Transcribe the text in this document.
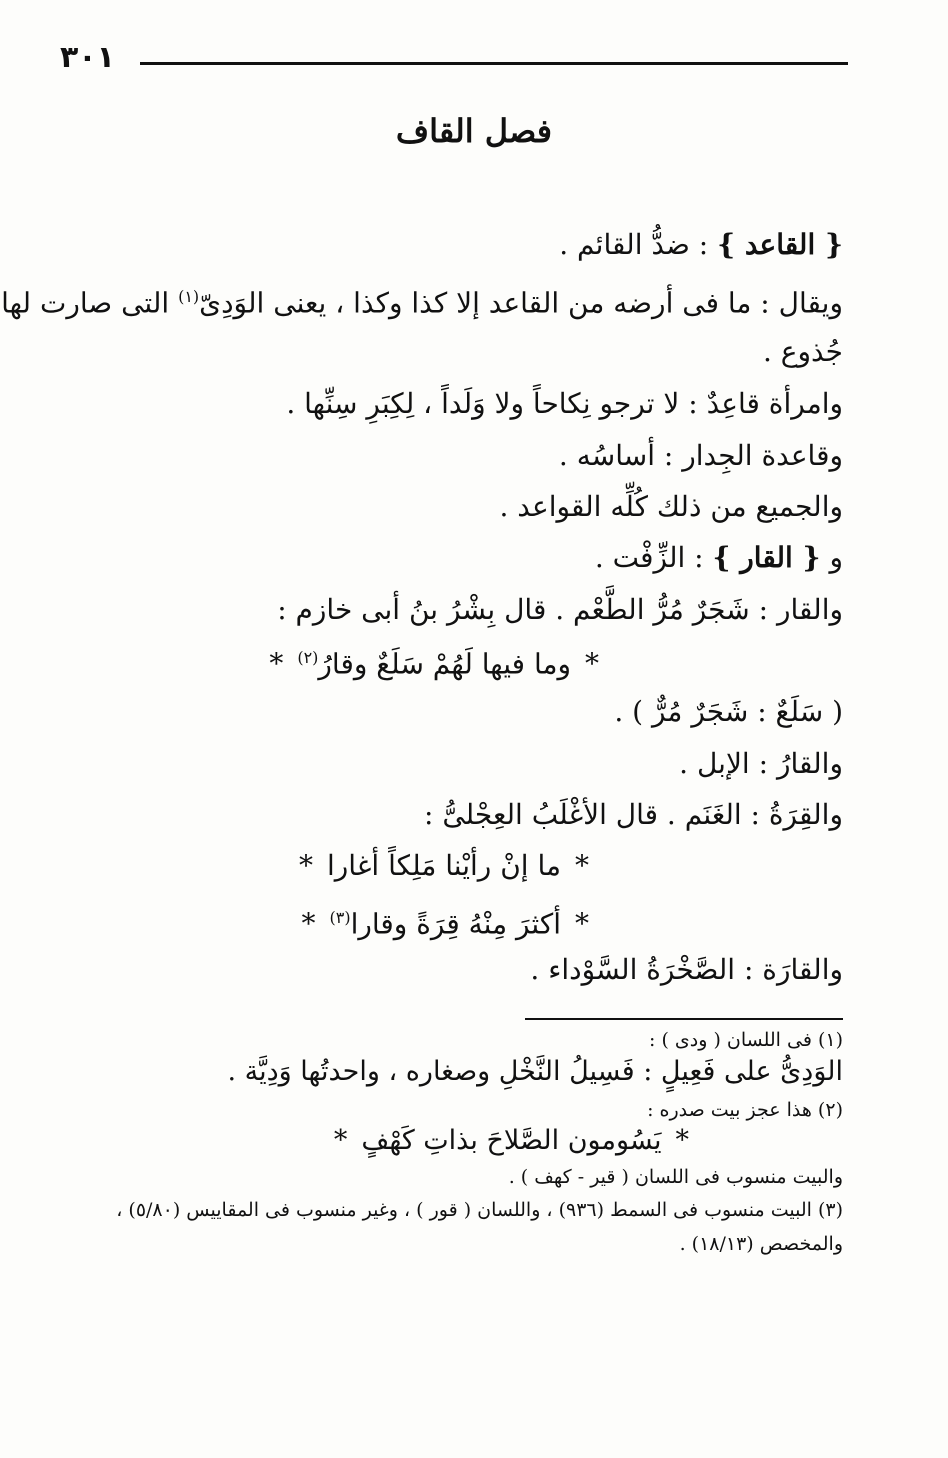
٣٠١
فصل القاف
{ القاعد } : ضدُّ القائم .
ويقال : ما فى أرضه من القاعد إلا كذا وكذا ، يعنى الوَدِىّ$^{(١)}$ التى صارت لها
جُذوع .
وامرأة قاعِدٌ : لا ترجو نِكاحاً ولا وَلَداً ، لِكِبَرِ سِنِّها .
وقاعدة الجِدار : أساسُه .
والجميع من ذلك كُلِّه القواعد .
و { القار } : الزِّفْت .
والقار : شَجَرٌ مُرُّ الطَّعْم . قال بِشْرُ بنُ أبى خازم :
*وما فيها لَهُمْ سَلَعٌ وقارُ$^{(٢)}$*
( سَلَعٌ : شَجَرٌ مُرٌّ ) .
والقارُ : الإبل .
والقِرَةُ : الغَنَم . قال الأغْلَبُ العِجْلىُّ :
*ما إنْ رأيْنا مَلِكاً أغارا*
*أكثرَ مِنْهُ قِرَةً وقارا$^{(٣)}$*
والقارَة : الصَّخْرَةُ السَّوْداء .
(١) فى اللسان ( ودى ) :
الوَدِىُّ على فَعِيلٍ : فَسِيلُ النَّخْلِ وصغاره ، واحدتُها وَدِيَّة .
(٢) هذا عجز بيت صدره :
*يَسُومون الصَّلاحَ بذاتِ كَهْفٍ*
والبيت منسوب فى اللسان ( قير - كهف ) .
(٣) البيت منسوب فى السمط (٩٣٦) ، واللسان ( قور ) ، وغير منسوب فى المقاييس (٥/٨٠) ،
والمخصص (١٨/١٣) .
